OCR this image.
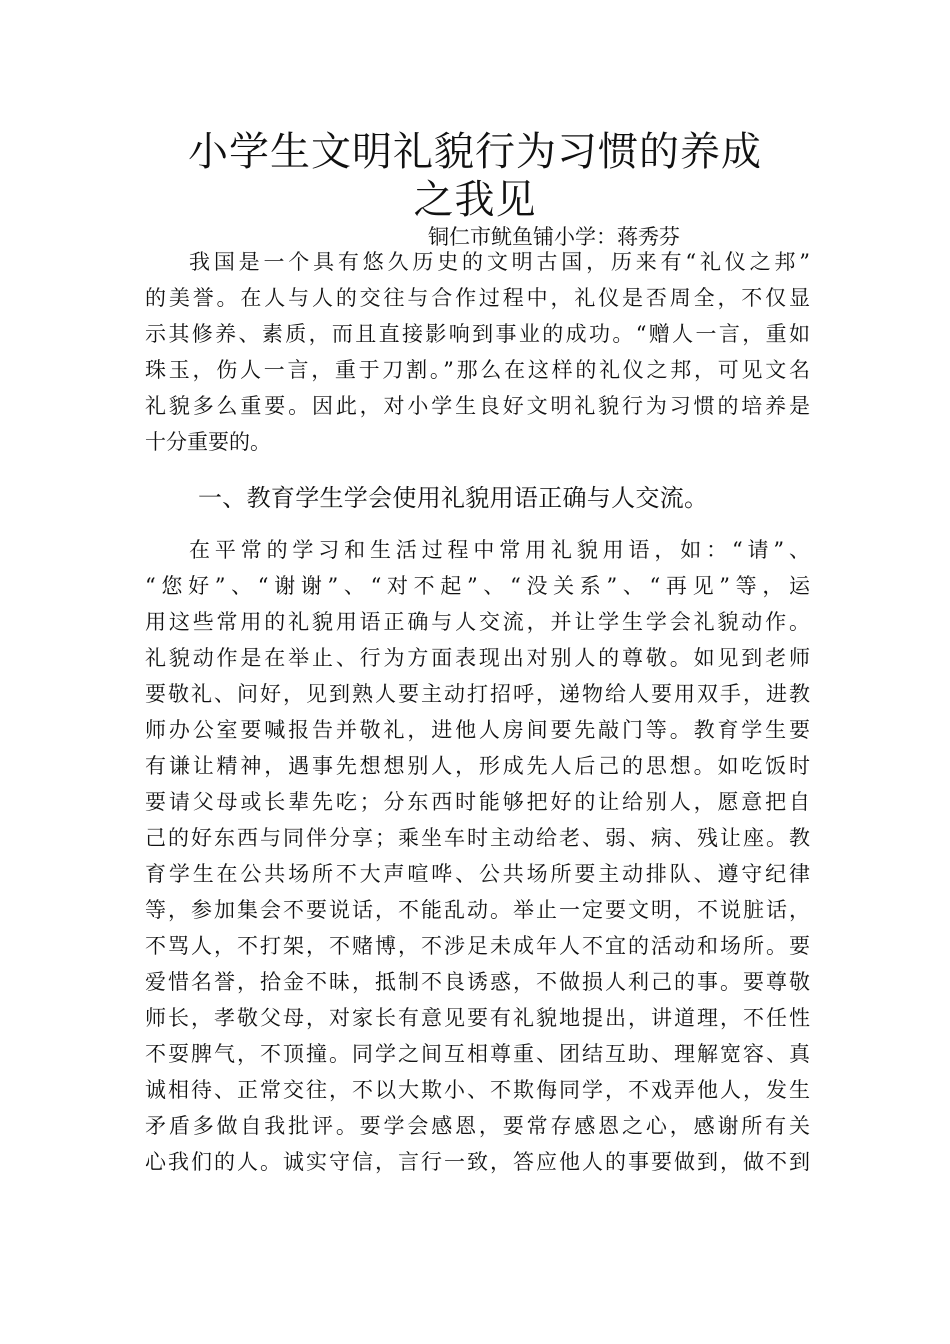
小学生文明礼貌行为习惯的养成
之我见
铜仁市鱿鱼铺小学：蒋秀芬
我国是一个具有悠久历史的文明古国，历来有“礼仪之邦”
的美誉。在人与人的交往与合作过程中，礼仪是否周全，不仅显
示其修养、素质，而且直接影响到事业的成功。“赠人一言，重如
珠玉，伤人一言，重于刀割。”那么在这样的礼仪之邦，可见文名
礼貌多么重要。因此，对小学生良好文明礼貌行为习惯的培养是
十分重要的。
一、教育学生学会使用礼貌用语正确与人交流。
在平常的学习和生活过程中常用礼貌用语，如：“请”、
“您好”、“谢谢”、“对不起”、“没关系”、“再见”等，运
用这些常用的礼貌用语正确与人交流，并让学生学会礼貌动作。
礼貌动作是在举止、行为方面表现出对别人的尊敬。如见到老师
要敬礼、问好，见到熟人要主动打招呼，递物给人要用双手，进教
师办公室要喊报告并敬礼，进他人房间要先敲门等。教育学生要
有谦让精神，遇事先想想别人，形成先人后己的思想。如吃饭时
要请父母或长辈先吃；分东西时能够把好的让给别人，愿意把自
己的好东西与同伴分享；乘坐车时主动给老、弱、病、残让座。教
育学生在公共场所不大声喧哗、公共场所要主动排队、遵守纪律
等，参加集会不要说话，不能乱动。举止一定要文明，不说脏话，
不骂人，不打架，不赌博，不涉足未成年人不宜的活动和场所。要
爱惜名誉，拾金不昧，抵制不良诱惑，不做损人利己的事。要尊敬
师长，孝敬父母，对家长有意见要有礼貌地提出，讲道理，不任性
不耍脾气，不顶撞。同学之间互相尊重、团结互助、理解宽容、真
诚相待、正常交往，不以大欺小、不欺侮同学，不戏弄他人，发生
矛盾多做自我批评。要学会感恩，要常存感恩之心，感谢所有关
心我们的人。诚实守信，言行一致，答应他人的事要做到，做不到
